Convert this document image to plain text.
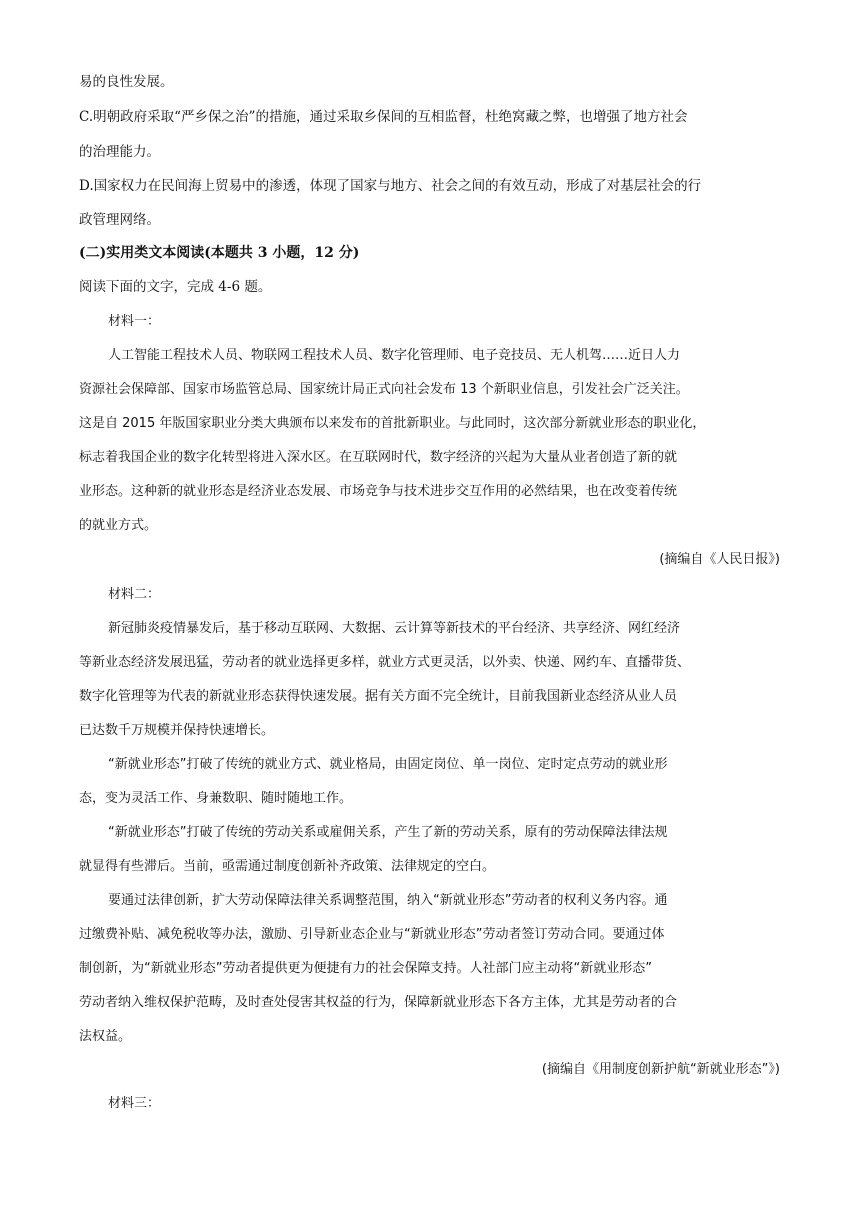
易的良性发展。

C.明朝政府采取“严乡保之治”的措施，通过采取乡保间的互相监督，杜绝窝藏之弊，也增强了地方社会

的治理能力。

D.国家权力在民间海上贸易中的渗透，体现了国家与地方、社会之间的有效互动，形成了对基层社会的行

政管理网络。

(二)实用类文本阅读(本题共 3 小题，12 分)

阅读下面的文字，完成 4-6 题。

材料一：

人工智能工程技术人员、物联网工程技术人员、数字化管理师、电子竞技员、无人机驾……近日人力

资源社会保障部、国家市场监管总局、国家统计局正式向社会发布 13 个新职业信息，引发社会广泛关注。

这是自 2015 年版国家职业分类大典颁布以来发布的首批新职业。与此同时，这次部分新就业形态的职业化，

标志着我国企业的数字化转型将进入深水区。在互联网时代，数字经济的兴起为大量从业者创造了新的就

业形态。这种新的就业形态是经济业态发展、市场竞争与技术进步交互作用的必然结果，也在改变着传统

的就业方式。

(摘编自《人民日报》)

材料二：

新冠肺炎疫情暴发后，基于移动互联网、大数据、云计算等新技术的平台经济、共享经济、网红经济

等新业态经济发展迅猛，劳动者的就业选择更多样，就业方式更灵活，以外卖、快递、网约车、直播带货、

数字化管理等为代表的新就业形态获得快速发展。据有关方面不完全统计，目前我国新业态经济从业人员

已达数千万规模并保持快速增长。

“新就业形态”打破了传统的就业方式、就业格局，由固定岗位、单一岗位、定时定点劳动的就业形

态，变为灵活工作、身兼数职、随时随地工作。

“新就业形态”打破了传统的劳动关系或雇佣关系，产生了新的劳动关系，原有的劳动保障法律法规

就显得有些滞后。当前，亟需通过制度创新补齐政策、法律规定的空白。

要通过法律创新，扩大劳动保障法律关系调整范围，纳入“新就业形态”劳动者的权利义务内容。通

过缴费补贴、减免税收等办法，激励、引导新业态企业与“新就业形态”劳动者签订劳动合同。要通过体

制创新，为“新就业形态”劳动者提供更为便捷有力的社会保障支持。人社部门应主动将“新就业形态”

劳动者纳入维权保护范畴，及时查处侵害其权益的行为，保障新就业形态下各方主体，尤其是劳动者的合

法权益。

(摘编自《用制度创新护航“新就业形态”》)

材料三：
